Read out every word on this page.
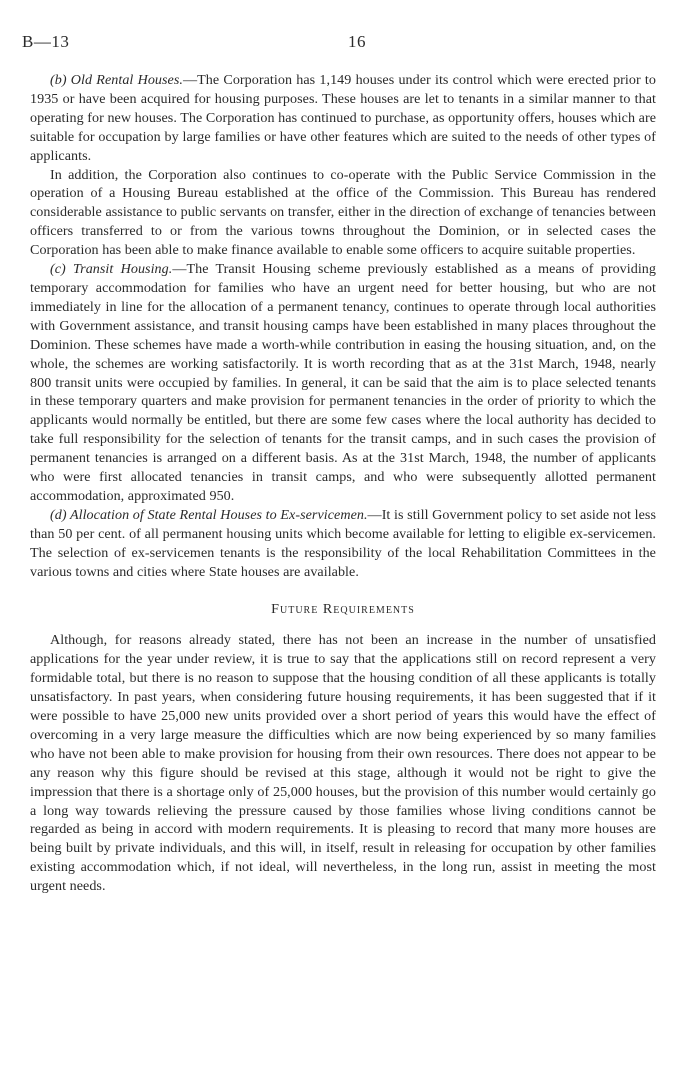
B—13	16

(b) Old Rental Houses.—The Corporation has 1,149 houses under its control which were erected prior to 1935 or have been acquired for housing purposes. These houses are let to tenants in a similar manner to that operating for new houses. The Corporation has continued to purchase, as opportunity offers, houses which are suitable for occupation by large families or have other features which are suited to the needs of other types of applicants.

In addition, the Corporation also continues to co-operate with the Public Service Commission in the operation of a Housing Bureau established at the office of the Commission. This Bureau has rendered considerable assistance to public servants on transfer, either in the direction of exchange of tenancies between officers transferred to or from the various towns throughout the Dominion, or in selected cases the Corporation has been able to make finance available to enable some officers to acquire suitable properties.

(c) Transit Housing.—The Transit Housing scheme previously established as a means of providing temporary accommodation for families who have an urgent need for better housing, but who are not immediately in line for the allocation of a permanent tenancy, continues to operate through local authorities with Government assistance, and transit housing camps have been established in many places throughout the Dominion. These schemes have made a worth-while contribution in easing the housing situation, and, on the whole, the schemes are working satisfactorily. It is worth recording that as at the 31st March, 1948, nearly 800 transit units were occupied by families. In general, it can be said that the aim is to place selected tenants in these temporary quarters and make provision for permanent tenancies in the order of priority to which the applicants would normally be entitled, but there are some few cases where the local authority has decided to take full responsibility for the selection of tenants for the transit camps, and in such cases the provision of permanent tenancies is arranged on a different basis. As at the 31st March, 1948, the number of applicants who were first allocated tenancies in transit camps, and who were subsequently allotted permanent accommodation, approximated 950.

(d) Allocation of State Rental Houses to Ex-servicemen.—It is still Government policy to set aside not less than 50 per cent. of all permanent housing units which become available for letting to eligible ex-servicemen. The selection of ex-servicemen tenants is the responsibility of the local Rehabilitation Committees in the various towns and cities where State houses are available.

Future Requirements

Although, for reasons already stated, there has not been an increase in the number of unsatisfied applications for the year under review, it is true to say that the applications still on record represent a very formidable total, but there is no reason to suppose that the housing condition of all these applicants is totally unsatisfactory. In past years, when considering future housing requirements, it has been suggested that if it were possible to have 25,000 new units provided over a short period of years this would have the effect of overcoming in a very large measure the difficulties which are now being experienced by so many families who have not been able to make provision for housing from their own resources. There does not appear to be any reason why this figure should be revised at this stage, although it would not be right to give the impression that there is a shortage only of 25,000 houses, but the provision of this number would certainly go a long way towards relieving the pressure caused by those families whose living conditions cannot be regarded as being in accord with modern requirements. It is pleasing to record that many more houses are being built by private individuals, and this will, in itself, result in releasing for occupation by other families existing accommodation which, if not ideal, will nevertheless, in the long run, assist in meeting the most urgent needs.
